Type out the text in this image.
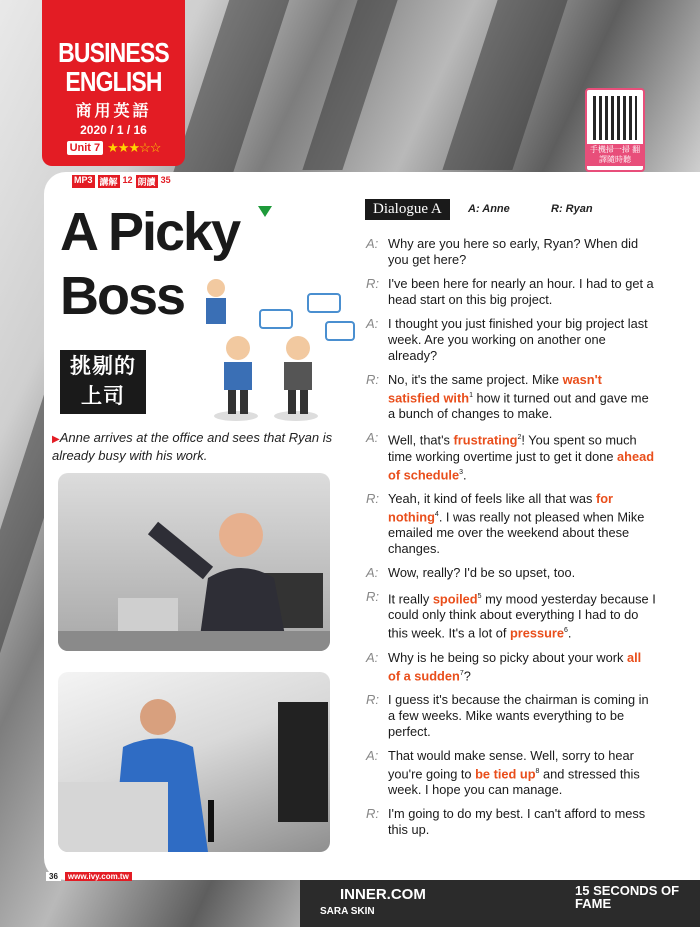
BUSINESS
ENGLISH
商用英語
2020 / 1 / 16
Unit 7 ★★★☆☆	手機掃一掃 翻譯隨時聽
MP3 講解 12 朗讀 35
A Picky
Boss
挑剔的
上司
▶Anne arrives at the office and sees that Ryan is already busy with his work.
Dialogue A	A: Anne	R: Ryan
A: Why are you here so early, Ryan? When did you get here?
R: I've been here for nearly an hour. I had to get a head start on this big project.
A: I thought you just finished your big project last week. Are you working on another one already?
R: No, it's the same project. Mike wasn't satisfied with$^1$ how it turned out and gave me a bunch of changes to make.
A: Well, that's frustrating$^2$! You spent so much time working overtime just to get it done ahead of schedule$^3$.
R: Yeah, it kind of feels like all that was for nothing$^4$. I was really not pleased when Mike emailed me over the weekend about these changes.
A: Wow, really? I'd be so upset, too.
R: It really spoiled$^5$ my mood yesterday because I could only think about everything I had to do this week. It's a lot of pressure$^6$.
A: Why is he being so picky about your work all of a sudden$^7$?
R: I guess it's because the chairman is coming in a few weeks. Mike wants everything to be perfect.
A: That would make sense. Well, sorry to hear you're going to be tied $up^8$ and stressed this week. I hope you can manage.
R: I'm going to do my best. I can't afford to mess this up.
INNER.COM
SARA SKIN
15 SECONDS OF FAME
36	www.ivy.com.tw
